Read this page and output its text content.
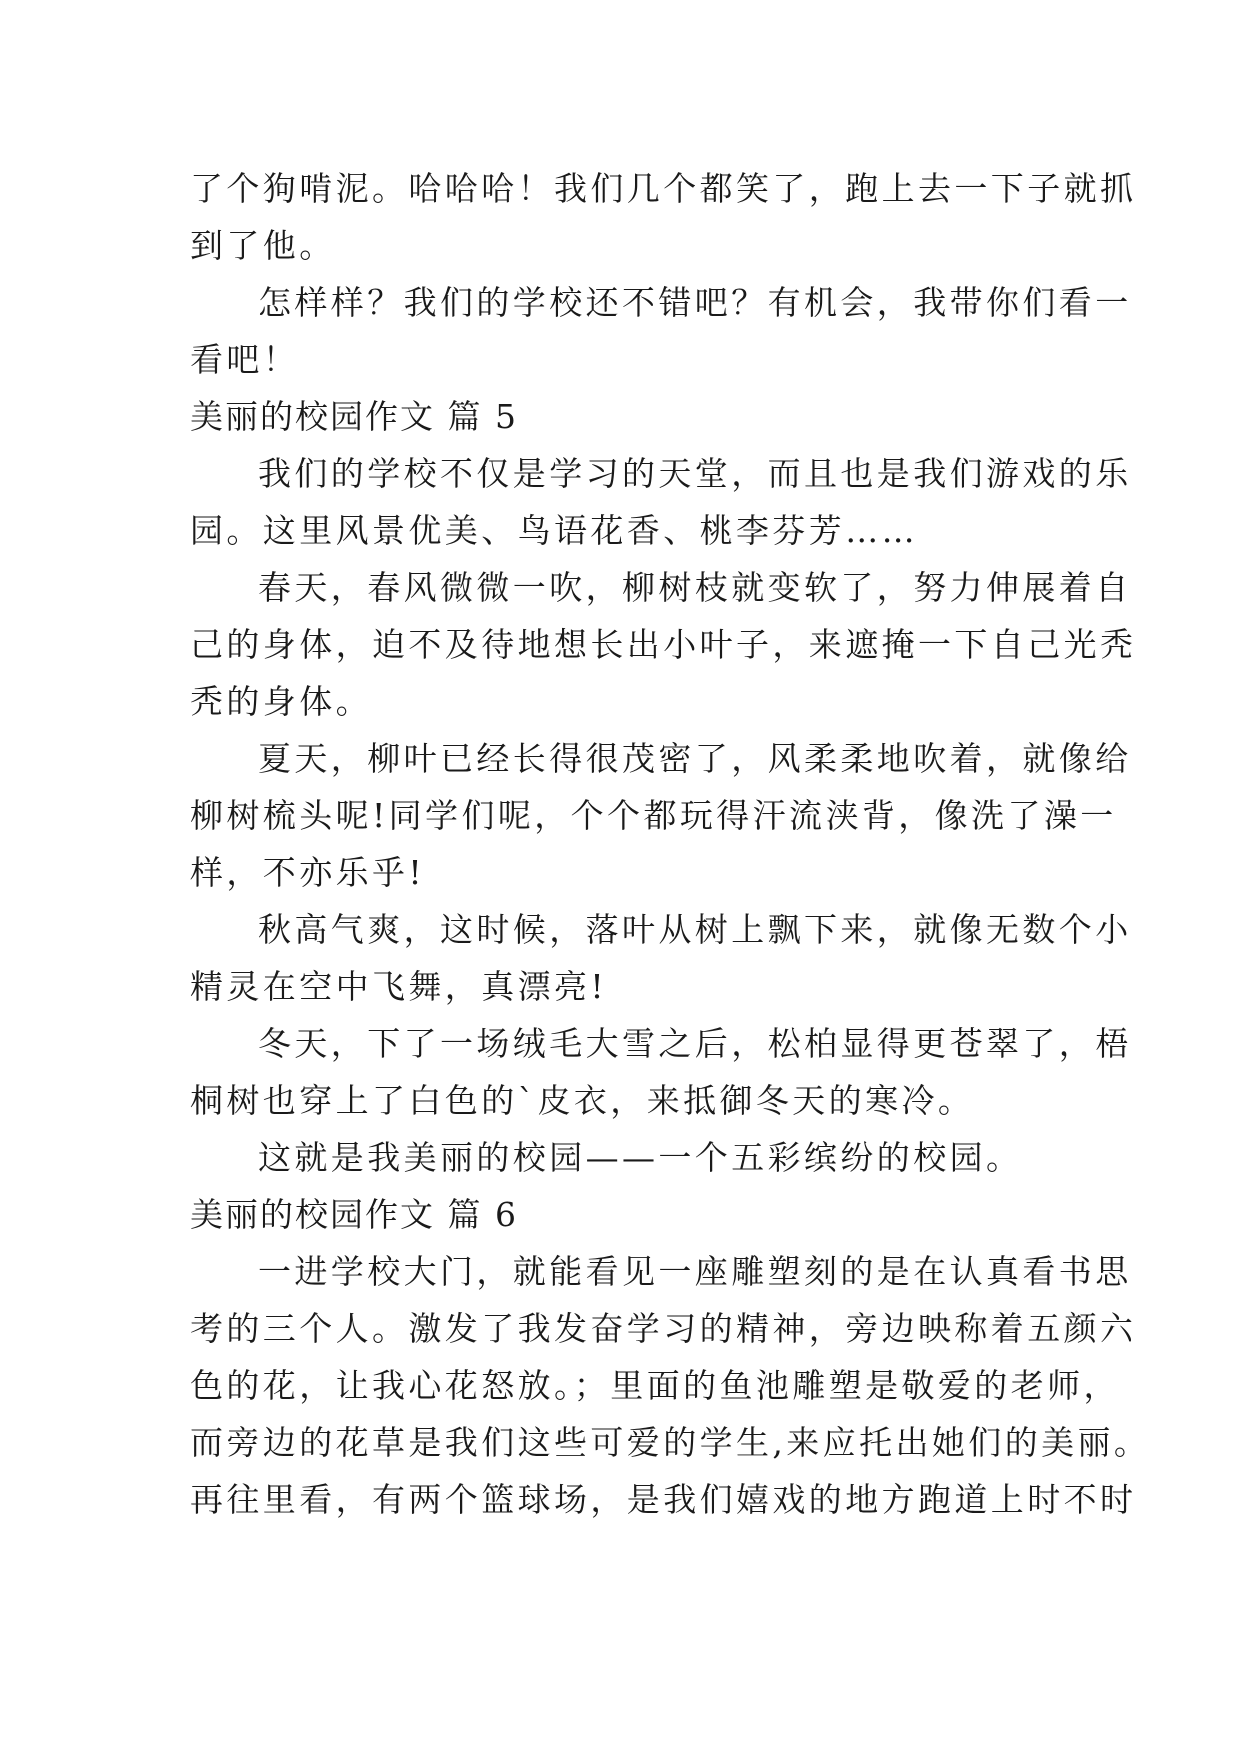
了个狗啃泥。哈哈哈！我们几个都笑了，跑上去一下子就抓
到了他。
怎样样？我们的学校还不错吧？有机会，我带你们看一
看吧！
美丽的校园作文 篇 5
我们的学校不仅是学习的天堂，而且也是我们游戏的乐
园。这里风景优美、鸟语花香、桃李芬芳……
春天，春风微微一吹，柳树枝就变软了，努力伸展着自
己的身体，迫不及待地想长出小叶子，来遮掩一下自己光秃
秃的身体。
夏天，柳叶已经长得很茂密了，风柔柔地吹着，就像给
柳树梳头呢!同学们呢，个个都玩得汗流浃背，像洗了澡一
样，不亦乐乎!
秋高气爽，这时候，落叶从树上飘下来，就像无数个小
精灵在空中飞舞，真漂亮!
冬天，下了一场绒毛大雪之后，松柏显得更苍翠了，梧
桐树也穿上了白色的`皮衣，来抵御冬天的寒冷。
这就是我美丽的校园——一个五彩缤纷的校园。
美丽的校园作文 篇 6
一进学校大门，就能看见一座雕塑刻的是在认真看书思
考的三个人。激发了我发奋学习的精神，旁边映称着五颜六
色的花，让我心花怒放。；里面的鱼池雕塑是敬爱的老师，
而旁边的花草是我们这些可爱的学生,来应托出她们的美丽。
再往里看，有两个篮球场，是我们嬉戏的地方跑道上时不时
